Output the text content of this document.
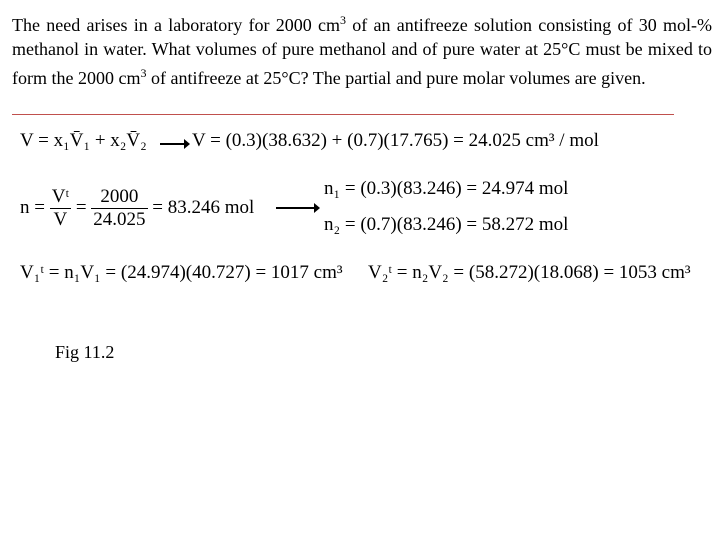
The need arises in a laboratory for 2000 $cm^3$ of an antifreeze solution consisting of 30 mol-% methanol in water. What volumes of pure methanol and of pure water at 25°C must be mixed to form the 2000 $cm^3$ of antifreeze at 25°C? The partial and pure molar volumes are given.
V = x₁V̄₁ + x₂V̄₂ V = (0.3)(38.632) + (0.7)(17.765) = 24.025 cm³ / mol
$n = \frac{\text{Vᵗ}}{V} = \frac{2000}{24.025} = 83.246$ mol
n₁ = (0.3)(83.246) = 24.974 mol
n₂ = (0.7)(83.246) = 58.272 mol
V₁ᵗ = n₁V₁ = (24.974)(40.727) = 1017 cm³ V₂ᵗ = n₂V₂ = (58.272)(18.068) = 1053 cm³
Fig 11.2
